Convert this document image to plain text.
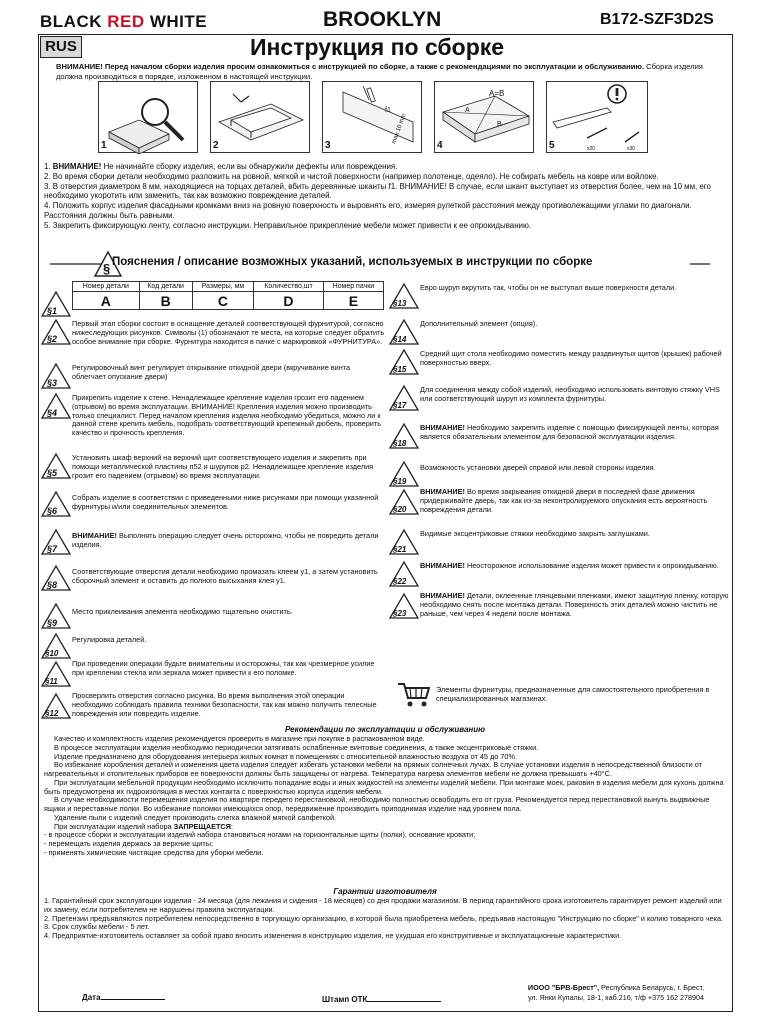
BLACK RED WHITE	BROOKLYN	B172-SZF3D2S
RUS	Инструкция по сборке
ВНИМАНИЕ! Перед началом сборки изделия просим ознакомиться с инструкцией по сборке, а также с рекомендациями по эксплуатации и обслуживанию. Сборка изделия должна производиться в порядке, изложенном в настоящей инструкции.
1	2
f1
max 10 mm
3
A=B
A
B
4	x20	x30
5
1. ВНИМАНИЕ! Не начинайте сборку изделия, если вы обнаружили дефекты или повреждения.
2. Во время сборки детали необходимо разложить на ровной, мягкой и чистой поверхности (например полотенце, одеяло). Не собирать мебель на ковре или войлоке.
3. В отверстия диаметром 8 мм, находящиеся на торцах деталей, вбить деревянные шканты f1. ВНИМАНИЕ! В случае, если шкант выступает из отверстия более, чем на 10 мм, его необходимо укоротить или заменить, так как возможно повреждение деталей.
4. Положить корпус изделия фасадными кромками вниз на ровную поверхность и выровнять его, измеряя рулеткой расстояния между противолежащими углами по диагонали. Расстояния должны быть равными.
5. Закрепить фиксирующую ленту, согласно инструкции. Неправильное прикрепление мебели может привести к ее опрокидыванию.
§ Пояснения / описание возможных указаний, используемых в инструкции по сборке
§1
Номер детали	Код детали	Размеры, мм	Количество,шт	Номер пачки
A	B	C	D	E
§2
Первый этап сборки состоит в оснащение деталей соответствующей фурнитурой, согласно нижеследующих рисунков. Символы (1) обозначают те места, на которые следует обратить особое внимание при сборке. Фурнитура находится в пачке с маркировкой «ФУРНИТУРА».
§3
Регулировочный винт регулирует открывание откидной двери (вкручивание винта облегчает опускание двери)
§4
Прикрепить изделие к стене. Ненадлежащее крепление изделия грозит его падением (отрывом) во время эксплуатации. ВНИМАНИЕ! Крепления изделия можно производить только специалист. Перед началом крепления изделия необходимо убедиться, можно ли к данной стене крепить мебель, подобрать соответствующий крепежный дюбель, проверить качество и прочность крепления.
§5
Установить шкаф верхний на верхний щит соответствующего изделия и закрепить при помощи металлической пластины п52 и шурупов р2. Ненадлежащее крепление изделия грозит его падением (отрывом) во время эксплуатации.
§6
Собрать изделие в соответствии с приведенными ниже рисунками при помощи указанной фурнитуры и/или соединительных элементов.
§7
ВНИМАНИЕ! Выполнять операцию следует очень осторожно, чтобы не повредить детали изделия.
§8
Соответствующие отверстия детали необходимо промазать клеем у1, а затем установить сборочный элемент и оставить до полного высыхания клея у1.
§9
Место приклеивания элемента необходимо тщательно очистить.
§10
Регулировка деталей.
§11
При проведении операции будьте внимательны и осторожны, так как чрезмерное усилие при креплении стекла или зеркала может привести к его поломке.
§12
Просверлить отверстия согласно рисунка. Во время выполнения этой операции необходимо соблюдать правила техники безопасности, так как можно получить телесные повреждения или повредить изделие.
§13
Евро шуруп вкрутить так, чтобы он не выступал выше поверхности детали.
§14
Дополнительный элемент (опция).
§15
Средний щит стола необходимо поместить между раздвинутых щитов (крышек) рабочей поверхностью вверх.
§17
Для соединения между собой изделий, необходимо использовать винтовую стяжку VHS или соответствующий шуруп из комплекта фурнитуры.
§18
ВНИМАНИЕ! Необходимо закрепить изделие с помощью фиксирующей ленты, которая является обязательным элементом для безопасной эксплуатации изделия.
§19
Возможность установки дверей справой или левой стороны изделия.
§20
ВНИМАНИЕ! Во время закрывания откидной двери в последней фазе движения придерживайте дверь, так как из-за неконтролируемого опускания есть вероятность повреждения детали.
§21
Видимые эксцентриковые стяжки необходимо закрыть заглушками.
§22
ВНИМАНИЕ! Неосторожное использование изделия может привести к опрокидыванию.
§23
ВНИМАНИЕ! Детали, оклеенные глянцевыми пленками, имеют защитную пленку, которую необходимо снять после монтажа детали. Поверхность этих деталей можно чистить не раньше, чем через 4 недели после монтажа.
Элементы фурнитуры, предназначенные для самостоятельного приобретения в специализированных магазинах.
Рекомендации по эксплуатации и обслуживанию

Качество и комплектность изделия рекомендуется проверить в магазине при покупке в распакованном виде.

В процессе эксплуатации изделия необходимо периодически затягивать ослабленные винтовые соединения, а также эксцентриковые стяжки.

Изделие предназначено для оборудования интерьера жилых комнат в помещениях с относительной влажностью воздуха от 45 до 70%.

Во избежание коробления деталей и изменения цвета изделия следует избегать установки мебели на прямых солнечных лучах. В случае установки изделия в непосредственной близости от нагревательных и отопительных приборов ее поверхности должны быть защищены от нагрева. Температура нагрева элементов мебели не должна превышать +40°С.

При эксплуатации мебельной продукции необходимо исключить попадание воды и иных жидкостей на элементы изделий мебели. При монтаже моек, раковин в изделия мебели для кухонь должна быть предусмотрена их гидроизоляция в местах контакта с поверхностью корпуса изделия мебели.

В случае необходимости перемещения изделия по квартире передего перестановкой, необходимо полностью освободить его от груза. Рекомендуется перед перестановкой вынуть выдвижные ящики и переставные полки. Во избежание поломки имеющихся опор, передвижение производить приподнимая изделие над уровнем пола.

Удаление пыли с изделий следует производить слегка влажной мягкой салфеткой.

При эксплуатации изделий набора ЗАПРЕЩАЕТСЯ:

- в процессе сборки и эксплуатации изделий набора становиться ногами на горизонтальные щиты (полки), основание кровати;

- перемещать изделия держась за верхние щиты;

- применять химические чистящие средства для уборки мебели.

Гарантии изготовителя

1. Гарантийный срок эксплуатации изделия - 24 месяца (для лежания и сидения - 18 месяцев) со дня продажи магазином. В период гарантийного срока изготовитель гарантирует ремонт изделий или их замену, если потребителем не нарушены правила эксплуатации.

2. Претензии предъявляются потребителем непосредственно в торгующую организацию, в которой была приобретена мебель, предъявив настоящую "Инструкцию по сборке" и копию товарного чека.

3. Срок службы мебели - 5 лет.

4. Предприятие-изготовитель оставляет за собой право вносить изменения в конструкцию изделия, не ухудшая его конструктивные и эксплуатационные характеристики.

Дата	Штамп ОТК
ИООО "БРВ-Брест", Республика Беларусь, г. Брест,
ул. Янки Купалы, 18-1, каб.216, т/ф +375 162 278904
